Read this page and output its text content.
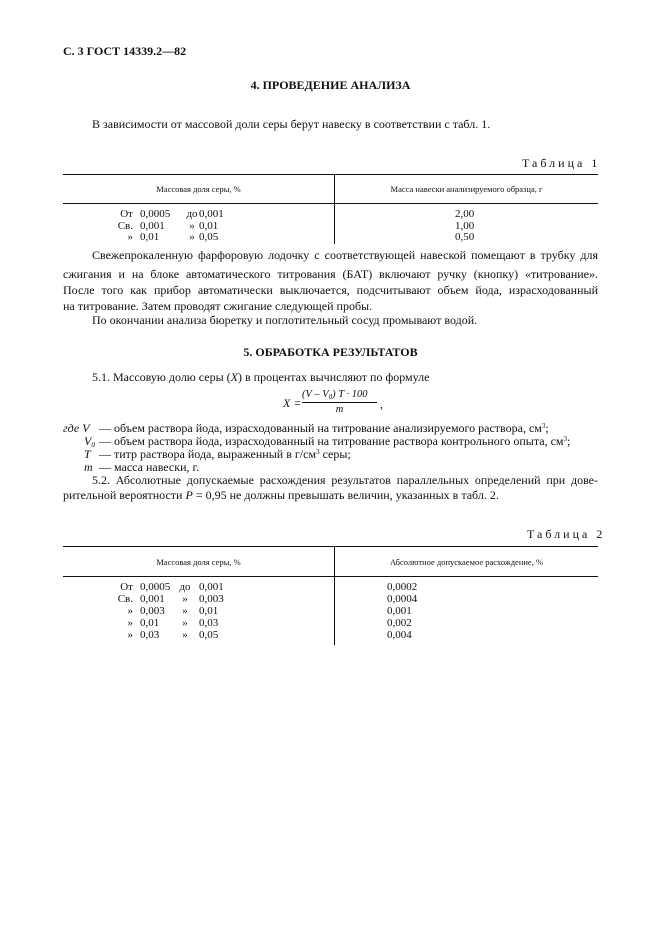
С. 3 ГОСТ 14339.2—82
4. ПРОВЕДЕНИЕ АНАЛИЗА
В зависимости от массовой доли серы берут навеску в соответствии с табл. 1.
Таблица 1
Массовая доля серы, %	Масса навески анализируемого образца, г
От 0,0005	до 0,001	2,00
Св. 0,001	» 0,01	1,00
» 0,01	» 0,05	0,50
Свежепрокаленную фарфоровую лодочку с соответствующей навеской помещают в трубку для
сжигания и на блоке автоматического титрования (БАТ) включают ручку (кнопку) «титрование».
После того как прибор автоматически выключается, подсчитывают объем йода, израсходованный
на титрование. Затем проводят сжигание следующей пробы.
По окончании анализа бюретку и поглотительный сосуд промывают водой.
5. ОБРАБОТКА РЕЗУЛЬТАТОВ
5.1. Массовую долю серы (X) в процентах вычисляют по формуле
X =
$(V - V_0)$ T · 100
m	,
где V — объем раствора йода, израсходованный на титрование анализируемого раствора, $см^3$;
$V_0$ — объем раствора йода, израсходованный на титрование раствора контрольного опыта, $см^3$;
T — титр раствора йода, выраженный в $г/см^3$ серы;
m — масса навески, г.
5.2. Абсолютные допускаемые расхождения результатов параллельных определений при дове-
рительной вероятности P = 0,95 не должны превышать величин, указанных в табл. 2.
Таблица 2
Массовая доля серы, %	Абсолютное допускаемое расхождение, %
От 0,0005 до 0,001	0,0002
Св. 0,001	»	0,003	0,0004
» 0,003	»	0,01	0,001
» 0,01	»	0,03	0,002
» 0,03	»	0,05	0,004
